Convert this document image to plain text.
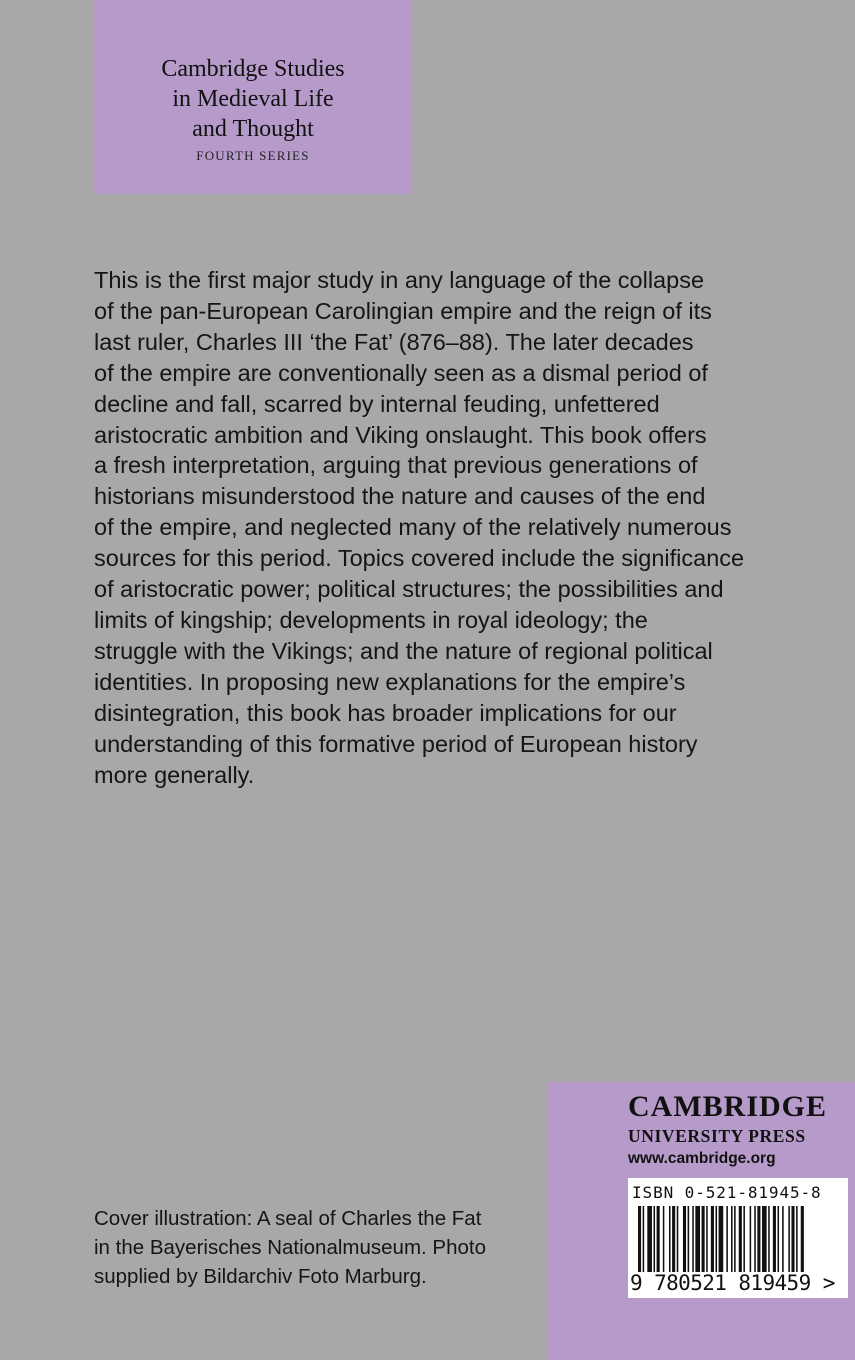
Cambridge Studies
in Medieval Life
and Thought
FOURTH SERIES
This is the first major study in any language of the collapse
of the pan-European Carolingian empire and the reign of its
last ruler, Charles III ‘the Fat’ (876–88). The later decades
of the empire are conventionally seen as a dismal period of
decline and fall, scarred by internal feuding, unfettered
aristocratic ambition and Viking onslaught. This book offers
a fresh interpretation, arguing that previous generations of
historians misunderstood the nature and causes of the end
of the empire, and neglected many of the relatively numerous
sources for this period. Topics covered include the significance
of aristocratic power; political structures; the possibilities and
limits of kingship; developments in royal ideology; the
struggle with the Vikings; and the nature of regional political
identities. In proposing new explanations for the empire’s
disintegration, this book has broader implications for our
understanding of this formative period of European history
more generally.
Cover illustration: A seal of Charles the Fat
in the Bayerisches Nationalmuseum. Photo
supplied by Bildarchiv Foto Marburg.
CAMBRIDGE
UNIVERSITY PRESS
www.cambridge.org
ISBN 0-521-81945-8
9 780521 819459 >
